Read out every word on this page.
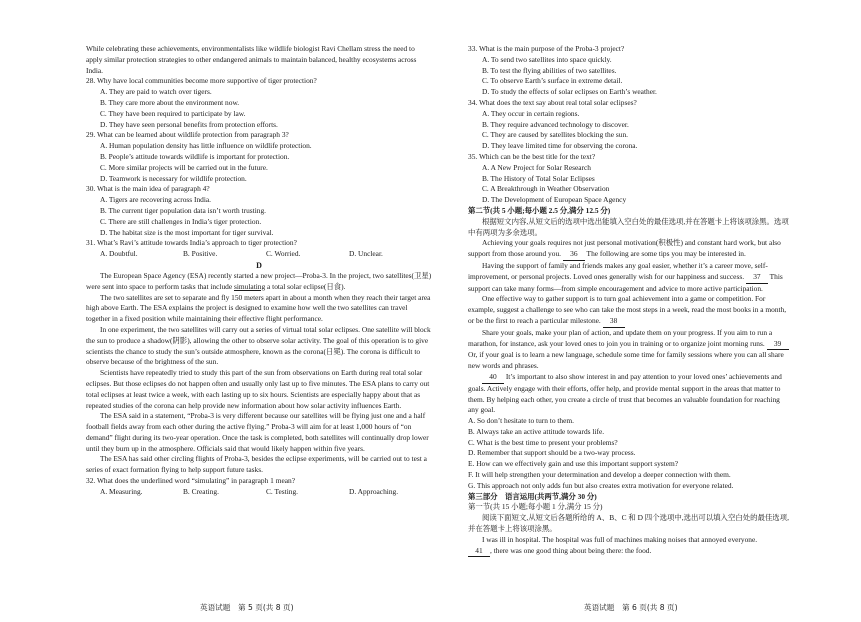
While celebrating these achievements, environmentalists like wildlife biologist Ravi Chellam stress the need to apply similar protection strategies to other endangered animals to maintain balanced, healthy ecosystems across India.

28. Why have local communities become more supportive of tiger protection?

A. They are paid to watch over tigers.

B. They care more about the environment now.

C. They have been required to participate by law.

D. They have seen personal benefits from protection efforts.

29. What can be learned about wildlife protection from paragraph 3?

A. Human population density has little influence on wildlife protection.

B. People’s attitude towards wildlife is important for protection.

C. More similar projects will be carried out in the future.

D. Teamwork is necessary for wildlife protection.

30. What is the main idea of paragraph 4?

A. Tigers are recovering across India.

B. The current tiger population data isn’t worth trusting.

C. There are still challenges in India’s tiger protection.

D. The habitat size is the most important for tiger survival.

31. What’s Ravi’s attitude towards India’s approach to tiger protection?

A. Doubtful.	B. Positive.	C. Worried.	D. Unclear.

D

The European Space Agency (ESA) recently started a new project—Proba-3. In the project, two satellites(卫星) were sent into space to perform tasks that include simulating a total solar eclipse(日食).

The two satellites are set to separate and fly 150 meters apart in about a month when they reach their target area high above Earth. The ESA explains the project is designed to examine how well the two satellites can travel together in a fixed position while maintaining their effective flight performance.

In one experiment, the two satellites will carry out a series of virtual total solar eclipses. One satellite will block the sun to produce a shadow(阴影), allowing the other to observe solar activity. The goal of this operation is to give scientists the chance to study the sun’s outside atmosphere, known as the corona(日冕). The corona is difficult to observe because of the brightness of the sun.

Scientists have repeatedly tried to study this part of the sun from observations on Earth during real total solar eclipses. But those eclipses do not happen often and usually only last up to five minutes. The ESA plans to carry out total eclipses at least twice a week, with each lasting up to six hours. Scientists are especially happy about that as repeated studies of the corona can help provide new information about how solar activity influences Earth.

The ESA said in a statement, “Proba-3 is very different because our satellites will be flying just one and a half football fields away from each other during the active flying.” Proba-3 will aim for at least 1,000 hours of “on demand” flight during its two-year operation. Once the task is completed, both satellites will continually drop lower until they burn up in the atmosphere. Officials said that would likely happen within five years.

The ESA has said other circling flights of Proba-3, besides the eclipse experiments, will be carried out to test a series of exact formation flying to help support future tasks.

32. What does the underlined word “simulating” in paragraph 1 mean?

A. Measuring.	B. Creating.	C. Testing.	D. Approaching.

33. What is the main purpose of the Proba-3 project?

A. To send two satellites into space quickly.

B. To test the flying abilities of two satellites.

C. To observe Earth’s surface in extreme detail.

D. To study the effects of solar eclipses on Earth’s weather.

34. What does the text say about real total solar eclipses?

A. They occur in certain regions.

B. They require advanced technology to discover.

C. They are caused by satellites blocking the sun.

D. They leave limited time for observing the corona.

35. Which can be the best title for the text?

A. A New Project for Solar Research

B. The History of Total Solar Eclipses

C. A Breakthrough in Weather Observation

D. The Development of European Space Agency

第二节(共 5 小题;每小题 2.5 分,满分 12.5 分)

根据短文内容,从短文后的选项中选出能填入空白处的最佳选项,并在答题卡上将该项涂黑。选项中有两项为多余选项。

Achieving your goals requires not just personal motivation(积极性) and constant hard work, but also support from those around you. 36 The following are some tips you may be interested in.

Having the support of family and friends makes any goal easier, whether it’s a career move, self-improvement, or personal projects. Loved ones generally wish for our happiness and success. 37 This support can take many forms—from simple encouragement and advice to more active participation.

One effective way to gather support is to turn goal achievement into a game or competition. For example, suggest a challenge to see who can take the most steps in a week, read the most books in a month, or be the first to reach a particular milestone. 38

Share your goals, make your plan of action, and update them on your progress. If you aim to run a marathon, for instance, ask your loved ones to join you in training or to organize joint morning runs. 39 Or, if your goal is to learn a new language, schedule some time for family sessions where you can all share new words and phrases.

40 It’s important to also show interest in and pay attention to your loved ones’ achievements and goals. Actively engage with their efforts, offer help, and provide mental support in the areas that matter to them. By helping each other, you create a circle of trust that becomes an valuable foundation for reaching any goal.

A. So don’t hesitate to turn to them.

B. Always take an active attitude towards life.

C. What is the best time to present your problems?

D. Remember that support should be a two-way process.

E. How can we effectively gain and use this important support system?

F. It will help strengthen your determination and develop a deeper connection with them.

G. This approach not only adds fun but also creates extra motivation for everyone related.

第三部分　语言运用(共两节,满分 30 分)

第一节(共 15 小题;每小题 1 分,满分 15 分)

阅读下面短文,从短文后各题所给的 A、B、C 和 D 四个选项中,选出可以填入空白处的最佳选项,并在答题卡上将该项涂黑。

I was ill in hospital. The hospital was full of machines making noises that annoyed everyone.

41 , there was one good thing about being there: the food.

英语试题　第 5 页(共 8 页)	英语试题　第 6 页(共 8 页)
